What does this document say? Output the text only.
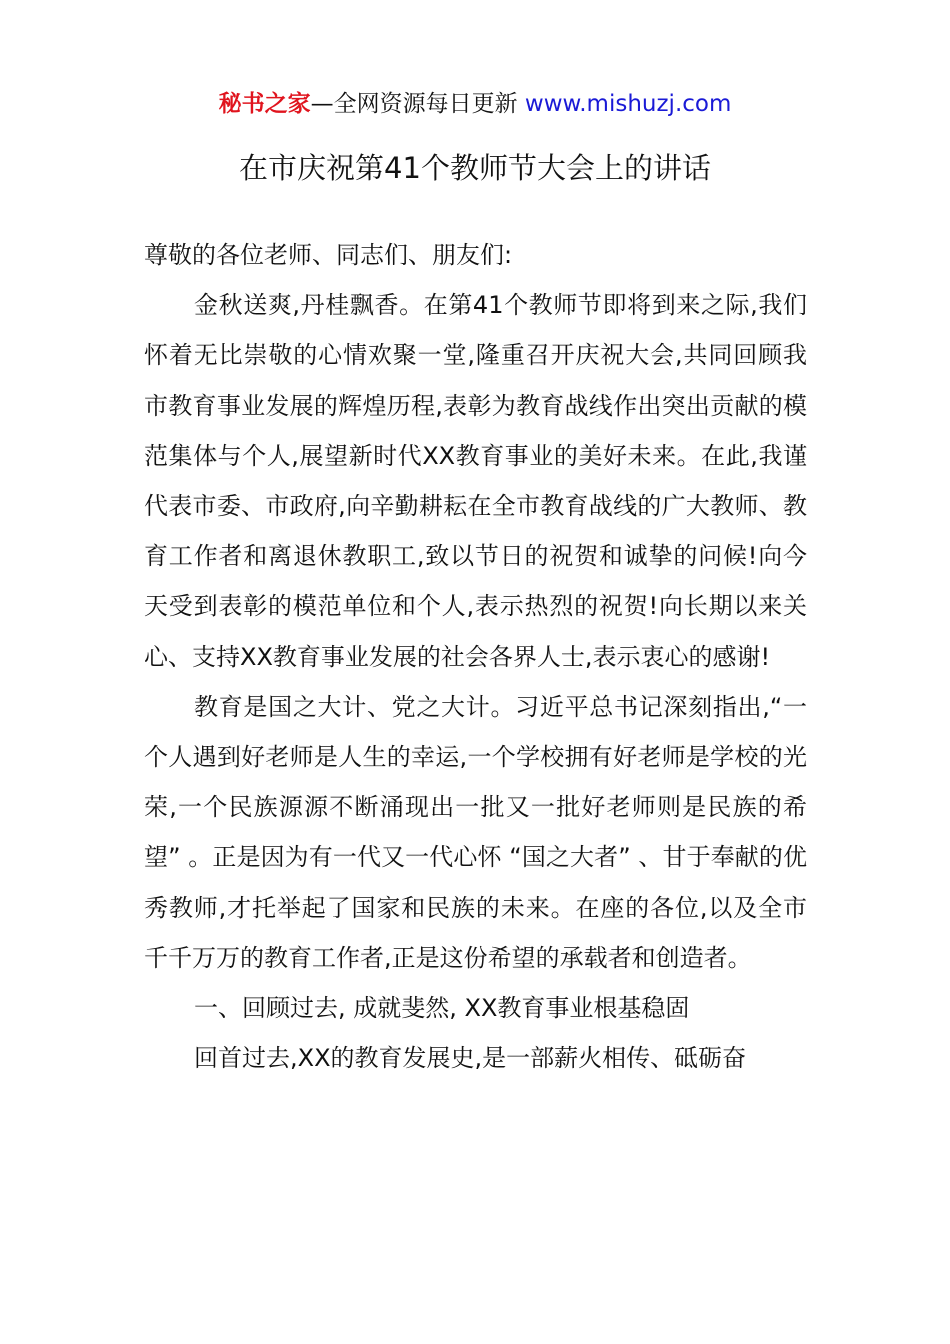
秘书之家—全网资源每日更新 www.mishuzj.com
在市庆祝第41个教师节大会上的讲话

尊敬的各位老师、同志们、朋友们:

金秋送爽,丹桂飘香。在第41个教师节即将到来之际,我们怀着无比崇敬的心情欢聚一堂,隆重召开庆祝大会,共同回顾我市教育事业发展的辉煌历程,表彰为教育战线作出突出贡献的模范集体与个人,展望新时代XX教育事业的美好未来。在此,我谨代表市委、市政府,向辛勤耕耘在全市教育战线的广大教师、教育工作者和离退休教职工,致以节日的祝贺和诚挚的问候!向今天受到表彰的模范单位和个人,表示热烈的祝贺!向长期以来关心、支持XX教育事业发展的社会各界人士,表示衷心的感谢!

教育是国之大计、党之大计。习近平总书记深刻指出,“一个人遇到好老师是人生的幸运,一个学校拥有好老师是学校的光荣,一个民族源源不断涌现出一批又一批好老师则是民族的希望” 。正是因为有一代又一代心怀 “国之大者” 、甘于奉献的优秀教师,才托举起了国家和民族的未来。在座的各位,以及全市千千万万的教育工作者,正是这份希望的承载者和创造者。

一、回顾过去, 成就斐然, XX教育事业根基稳固

回首过去,XX的教育发展史,是一部薪火相传、砥砺奋
